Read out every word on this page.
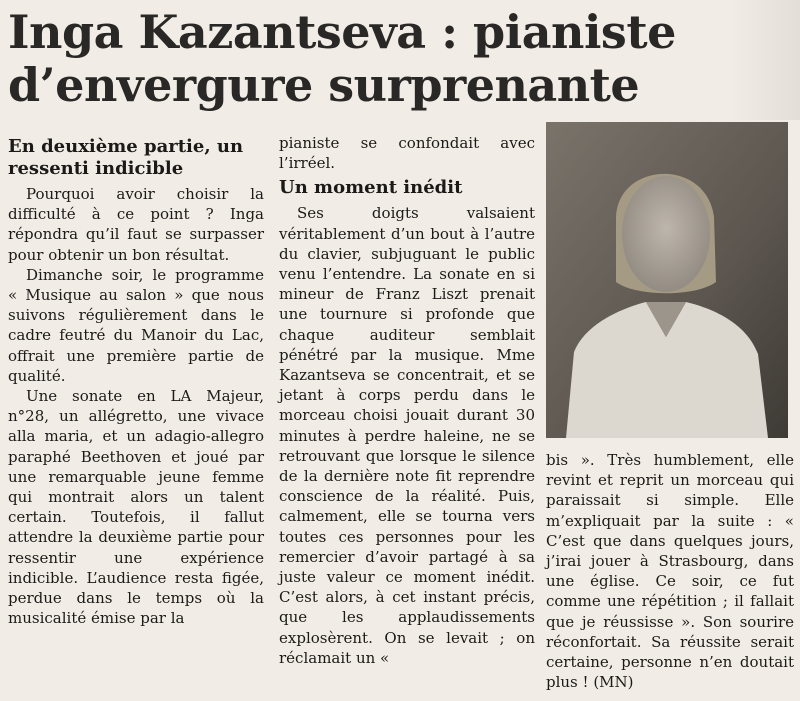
Inga Kazantseva : pianiste d’envergure surprenante
En deuxième partie, un ressenti indicible

Pourquoi avoir choisir la difficulté à ce point ? Inga répondra qu’il faut se surpasser pour obtenir un bon résultat.

Dimanche soir, le programme « Musique au salon » que nous suivons régulièrement dans le cadre feutré du Manoir du Lac, offrait une première partie de qualité.

Une sonate en LA Majeur, n°28, un allégretto, une vivace alla maria, et un adagio-allegro paraphé Beethoven et joué par une remarquable jeune femme qui montrait alors un talent certain. Toutefois, il fallut attendre la deuxième partie pour ressentir une expérience indicible. L’audience resta figée, perdue dans le temps où la musicalité émise par la

pianiste se confondait avec l’irréel.

Un moment inédit

Ses doigts valsaient véritablement d’un bout à l’autre du clavier, subjuguant le public venu l’entendre. La sonate en si mineur de Franz Liszt prenait une tournure si profonde que chaque auditeur semblait pénétré par la musique. Mme Kazantseva se concentrait, et se jetant à corps perdu dans le morceau choisi jouait durant 30 minutes à perdre haleine, ne se retrouvant que lorsque le silence de la dernière note fit reprendre conscience de la réalité. Puis, calmement, elle se tourna vers toutes ces personnes pour les remercier d’avoir partagé à sa juste valeur ce moment inédit. C’est alors, à cet instant précis, que les applaudissements explosèrent. On se levait ; on réclamait un «

bis ». Très humblement, elle revint et reprit un morceau qui paraissait si simple. Elle m’expliquait par la suite : « C’est que dans quelques jours, j’irai jouer à Strasbourg, dans une église. Ce soir, ce fut comme une répétition ; il fallait que je réussisse ». Son sourire réconfortait. Sa réussite serait certaine, personne n’en doutait plus ! (MN)
